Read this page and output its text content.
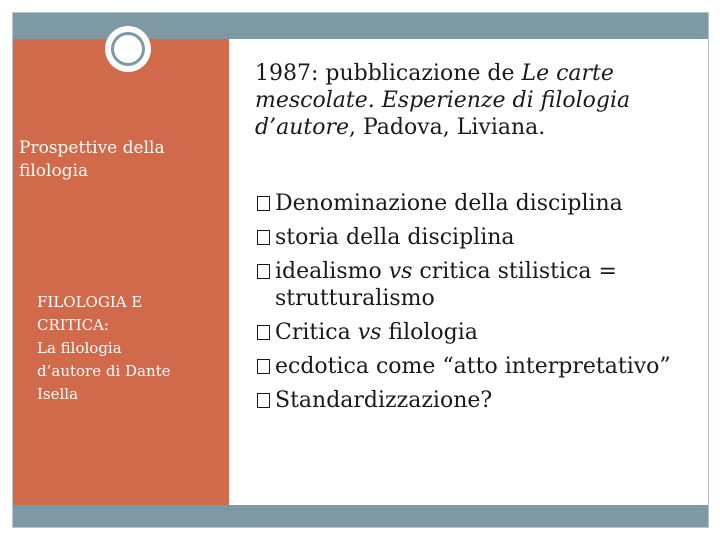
Prospettive della filologia
FILOLOGIA E
CRITICA:
La filologia
d’autore di Dante
Isella
1987: pubblicazione de Le carte mescolate. Esperienze di filologia d’autore, Padova, Liviana.
Denominazione della disciplina
storia della disciplina
idealismo vs critica stilistica = strutturalismo
Critica vs filologia
ecdotica come “atto interpretativo”
Standardizzazione?
